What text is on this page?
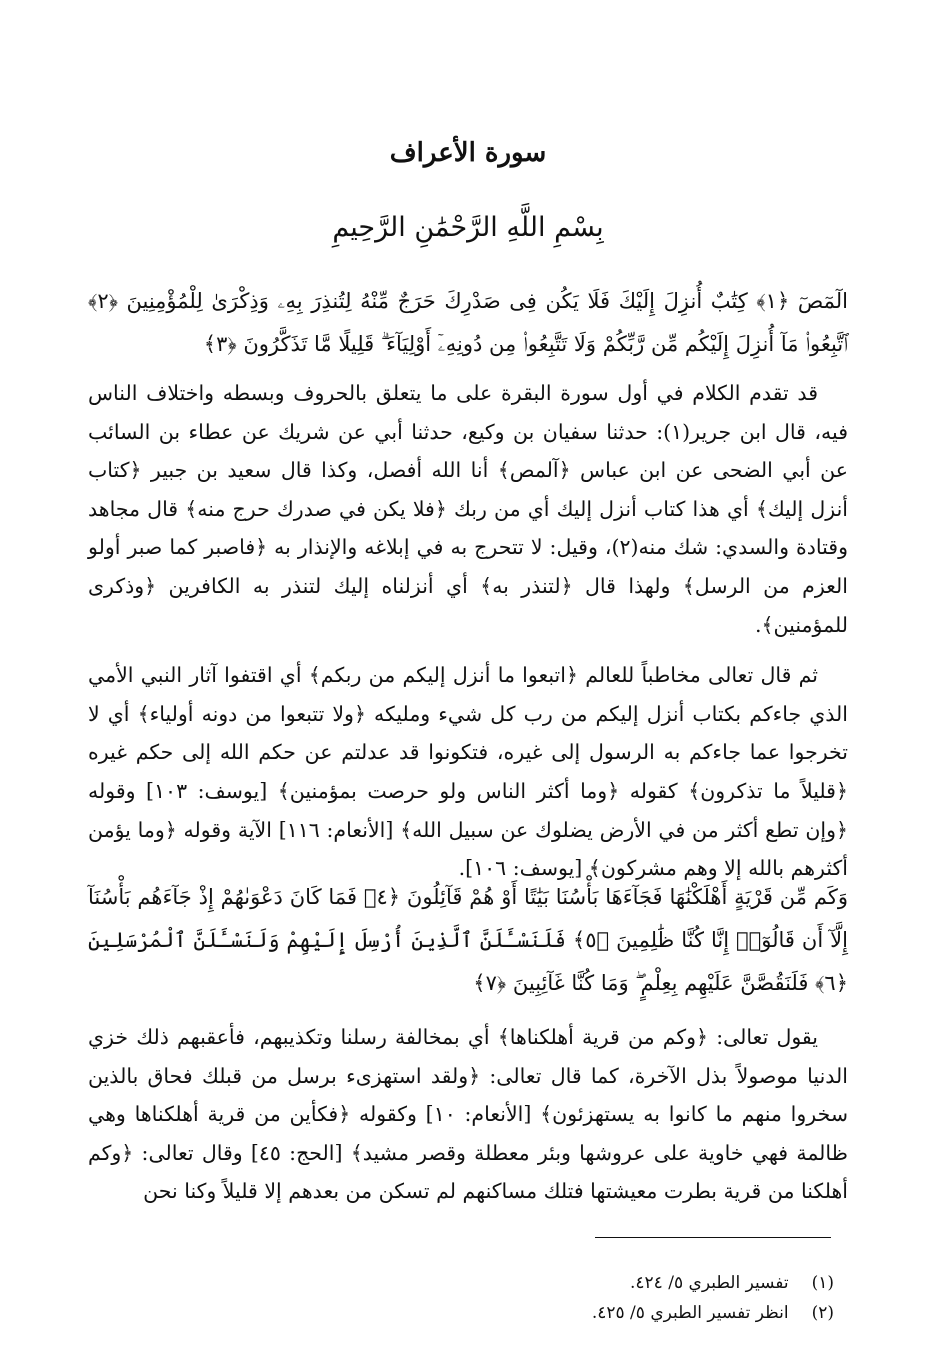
سورة الأعراف
بِسْمِ اللَّهِ الرَّحْمَٰنِ الرَّحِيمِ

الٓمٓصٓ ﴿١﴾ كِتَٰبٌ أُنزِلَ إِلَيْكَ فَلَا يَكُن فِى صَدْرِكَ حَرَجٌ مِّنْهُ لِتُنذِرَ بِهِۦ وَذِكْرَىٰ لِلْمُؤْمِنِينَ ﴿٢﴾ ٱتَّبِعُوا۟ مَآ أُنزِلَ إِلَيْكُم مِّن رَّبِّكُمْ وَلَا تَتَّبِعُوا۟ مِن دُونِهِۦٓ أَوْلِيَآءَ ۗ قَلِيلًا مَّا تَذَكَّرُونَ ﴿٣﴾

قد تقدم الكلام في أول سورة البقرة على ما يتعلق بالحروف وبسطه واختلاف الناس فيه، قال ابن جرير(١): حدثنا سفيان بن وكيع، حدثنا أبي عن شريك عن عطاء بن السائب عن أبي الضحى عن ابن عباس ﴿آلمص﴾ أنا الله أفصل، وكذا قال سعيد بن جبير ﴿كتاب أنزل إليك﴾ أي هذا كتاب أنزل إليك أي من ربك ﴿فلا يكن في صدرك حرج منه﴾ قال مجاهد وقتادة والسدي: شك منه(٢)، وقيل: لا تتحرج به في إبلاغه والإنذار به ﴿فاصبر كما صبر أولو العزم من الرسل﴾ ولهذا قال ﴿لتنذر به﴾ أي أنزلناه إليك لتنذر به الكافرين ﴿وذكرى للمؤمنين﴾.

ثم قال تعالى مخاطباً للعالم ﴿اتبعوا ما أنزل إليكم من ربكم﴾ أي اقتفوا آثار النبي الأمي الذي جاءكم بكتاب أنزل إليكم من رب كل شيء ومليكه ﴿ولا تتبعوا من دونه أولياء﴾ أي لا تخرجوا عما جاءكم به الرسول إلى غيره، فتكونوا قد عدلتم عن حكم الله إلى حكم غيره ﴿قليلاً ما تذكرون﴾ كقوله ﴿وما أكثر الناس ولو حرصت بمؤمنين﴾ [يوسف: ١٠٣] وقوله ﴿وإن تطع أكثر من في الأرض يضلوك عن سبيل الله﴾ [الأنعام: ١١٦] الآية وقوله ﴿وما يؤمن أكثرهم بالله إلا وهم مشركون﴾ [يوسف: ١٠٦].

وَكَم مِّن قَرْيَةٍ أَهْلَكْنَٰهَا فَجَآءَهَا بَأْسُنَا بَيَٰتًا أَوْ هُمْ قَآئِلُونَ ﴿٤﴾ فَمَا كَانَ دَعْوَىٰهُمْ إِذْ جَآءَهُم بَأْسُنَآ إِلَّآ أَن قَالُوٓا۟ إِنَّا كُنَّا ظَٰلِمِينَ ﴿٥﴾ فَلَنَسْـَٔلَنَّ ٱلَّذِينَ أُرْسِلَ إِلَيْهِمْ وَلَنَسْـَٔلَنَّ ٱلْمُرْسَلِينَ ﴿٦﴾ فَلَنَقُصَّنَّ عَلَيْهِم بِعِلْمٍ ۖ وَمَا كُنَّا غَآئِبِينَ ﴿٧﴾

يقول تعالى: ﴿وكم من قرية أهلكناها﴾ أي بمخالفة رسلنا وتكذيبهم، فأعقبهم ذلك خزي الدنيا موصولاً بذل الآخرة، كما قال تعالى: ﴿ولقد استهزىء برسل من قبلك فحاق بالذين سخروا منهم ما كانوا به يستهزئون﴾ [الأنعام: ١٠] وكقوله ﴿فكأين من قرية أهلكناها وهي ظالمة فهي خاوية على عروشها وبئر معطلة وقصر مشيد﴾ [الحج: ٤٥] وقال تعالى: ﴿وكم أهلكنا من قرية بطرت معيشتها فتلك مساكنهم لم تسكن من بعدهم إلا قليلاً وكنا نحن

(١) تفسير الطبري ٥/ ٤٢٤.
(٢) انظر تفسير الطبري ٥/ ٤٢٥.
